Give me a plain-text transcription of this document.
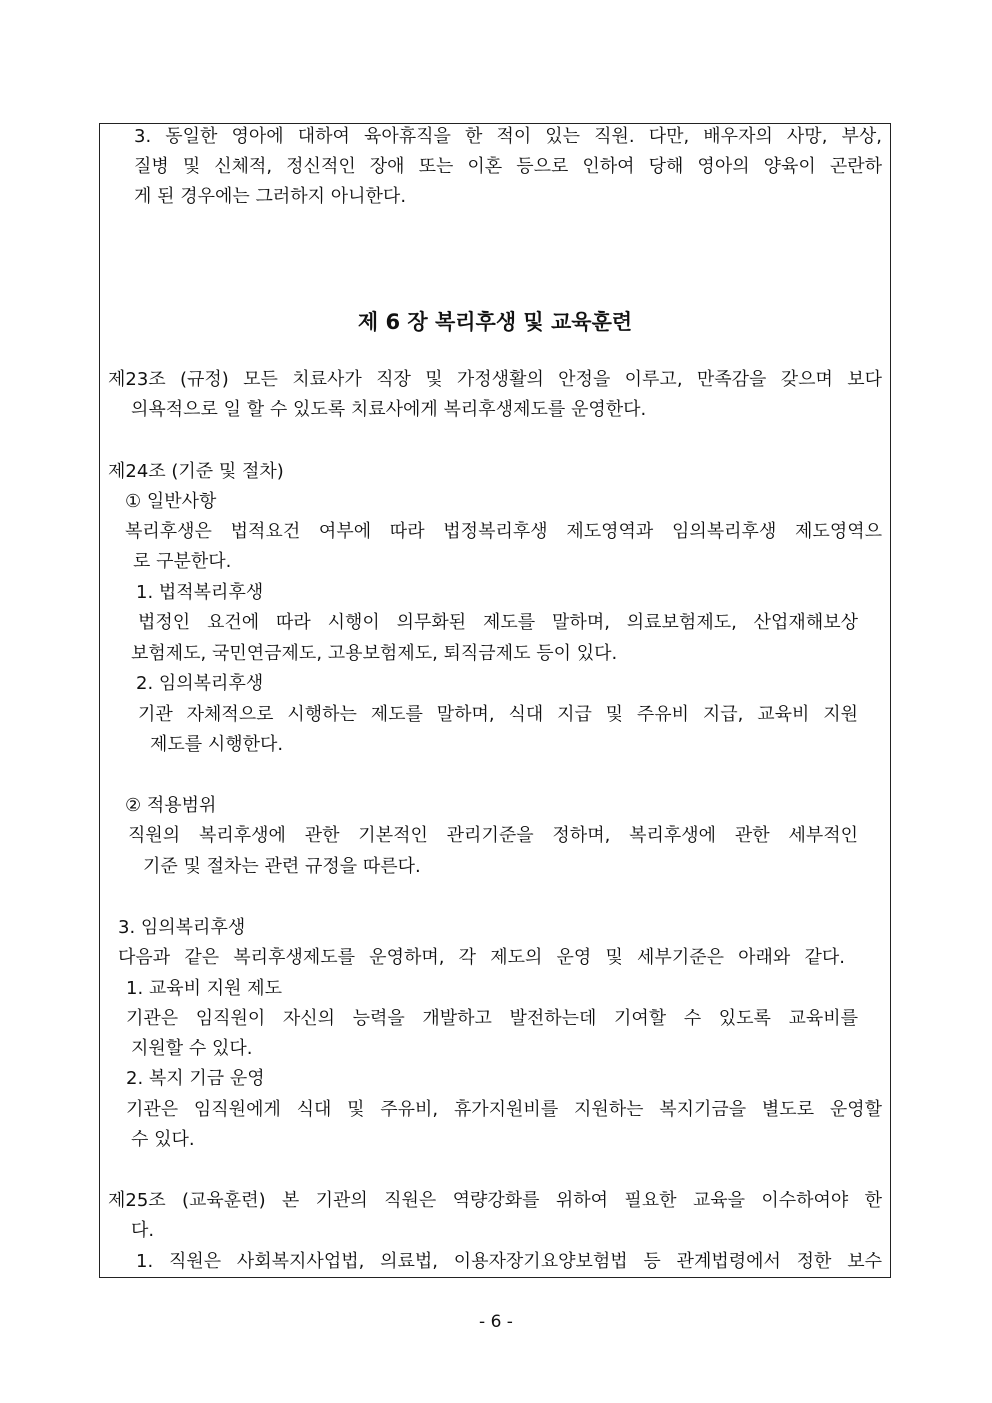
3. 동일한 영아에 대하여 육아휴직을 한 적이 있는 직원. 다만, 배우자의 사망, 부상,
질병 및 신체적, 정신적인 장애 또는 이혼 등으로 인하여 당해 영아의 양육이 곤란하
게 된 경우에는 그러하지 아니한다.
제 6 장 복리후생 및 교육훈련
제23조 (규정) 모든 치료사가 직장 및 가정생활의 안정을 이루고, 만족감을 갖으며 보다
의욕적으로 일 할 수 있도록 치료사에게 복리후생제도를 운영한다.
제24조 (기준 및 절차)
① 일반사항
복리후생은 법적요건 여부에 따라 법정복리후생 제도영역과 임의복리후생 제도영역으
로 구분한다.
1. 법적복리후생
법정인 요건에 따라 시행이 의무화된 제도를 말하며, 의료보험제도, 산업재해보상
보험제도, 국민연금제도, 고용보험제도, 퇴직금제도 등이 있다.
2. 임의복리후생
기관 자체적으로 시행하는 제도를 말하며, 식대 지급 및 주유비 지급, 교육비 지원
제도를 시행한다.
② 적용범위
직원의 복리후생에 관한 기본적인 관리기준을 정하며, 복리후생에 관한 세부적인
기준 및 절차는 관련 규정을 따른다.
3. 임의복리후생
다음과 같은 복리후생제도를 운영하며, 각 제도의 운영 및 세부기준은 아래와 같다.
1. 교육비 지원 제도
기관은 임직원이 자신의 능력을 개발하고 발전하는데 기여할 수 있도록 교육비를
지원할 수 있다.
2. 복지 기금 운영
기관은 임직원에게 식대 및 주유비, 휴가지원비를 지원하는 복지기금을 별도로 운영할
수 있다.
제25조 (교육훈련) 본 기관의 직원은 역량강화를 위하여 필요한 교육을 이수하여야 한
다.
1. 직원은 사회복지사업법, 의료법, 이용자장기요양보험법 등 관계법령에서 정한 보수
- 6 -
